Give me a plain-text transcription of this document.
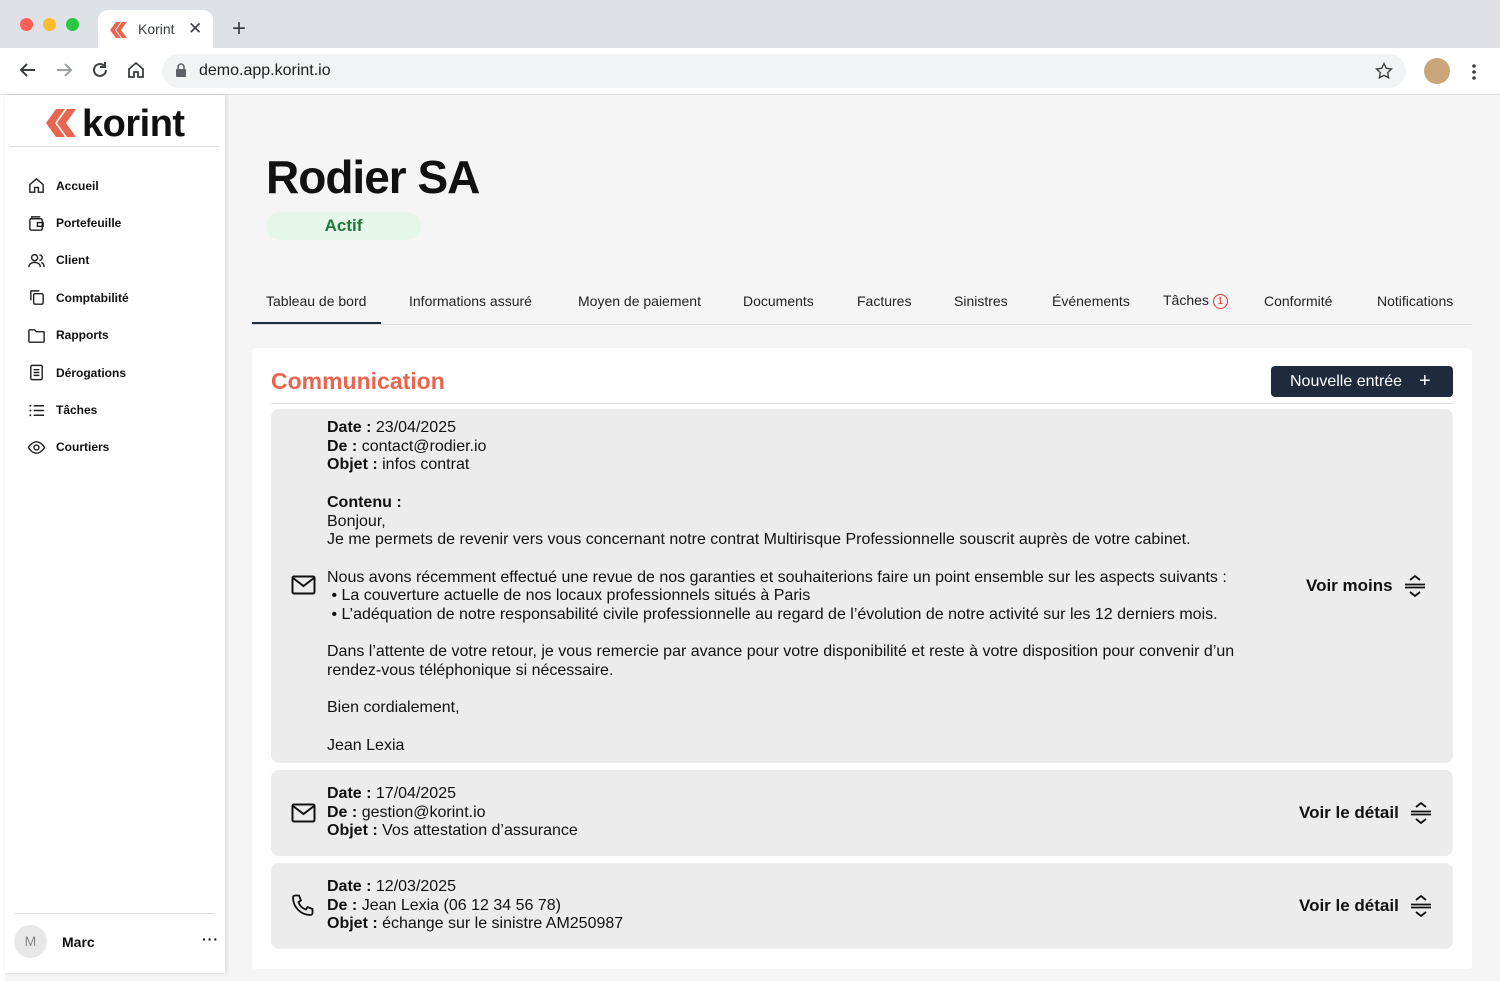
Korint ✕ +
demo.app.korint.io
korint
Accueil
Portefeuille
Client
Comptabilité
Rapports
Dérogations
Tâches
Courtiers
M	Marc	···
Rodier SA
Actif
Tableau de bord	Informations assuré	Moyen de paiement	Documents	Factures	Sinistres	Événements Tâches 1	Conformité	Notifications
Communication	Nouvelle entrée +
Date : 23/04/2025
De : contact@rodier.io
Objet : infos contrat
Contenu :
Bonjour,
Je me permets de revenir vers vous concernant notre contrat Multirisque Professionnelle souscrit auprès de votre cabinet.
Nous avons récemment effectué une revue de nos garanties et souhaiterions faire un point ensemble sur les aspects suivants :
• La couverture actuelle de nos locaux professionnels situés à Paris
• L’adéquation de notre responsabilité civile professionnelle au regard de l’évolution de notre activité sur les 12 derniers mois.
Dans l’attente de votre retour, je vous remercie par avance pour votre disponibilité et reste à votre disposition pour convenir d’un
rendez-vous téléphonique si nécessaire.
Bien cordialement,
Jean Lexia
Voir moins
Date : 17/04/2025
De : gestion@korint.io
Objet : Vos attestation d’assurance
Voir le détail
Date : 12/03/2025
De : Jean Lexia (06 12 34 56 78)
Objet : échange sur le sinistre AM250987
Voir le détail
